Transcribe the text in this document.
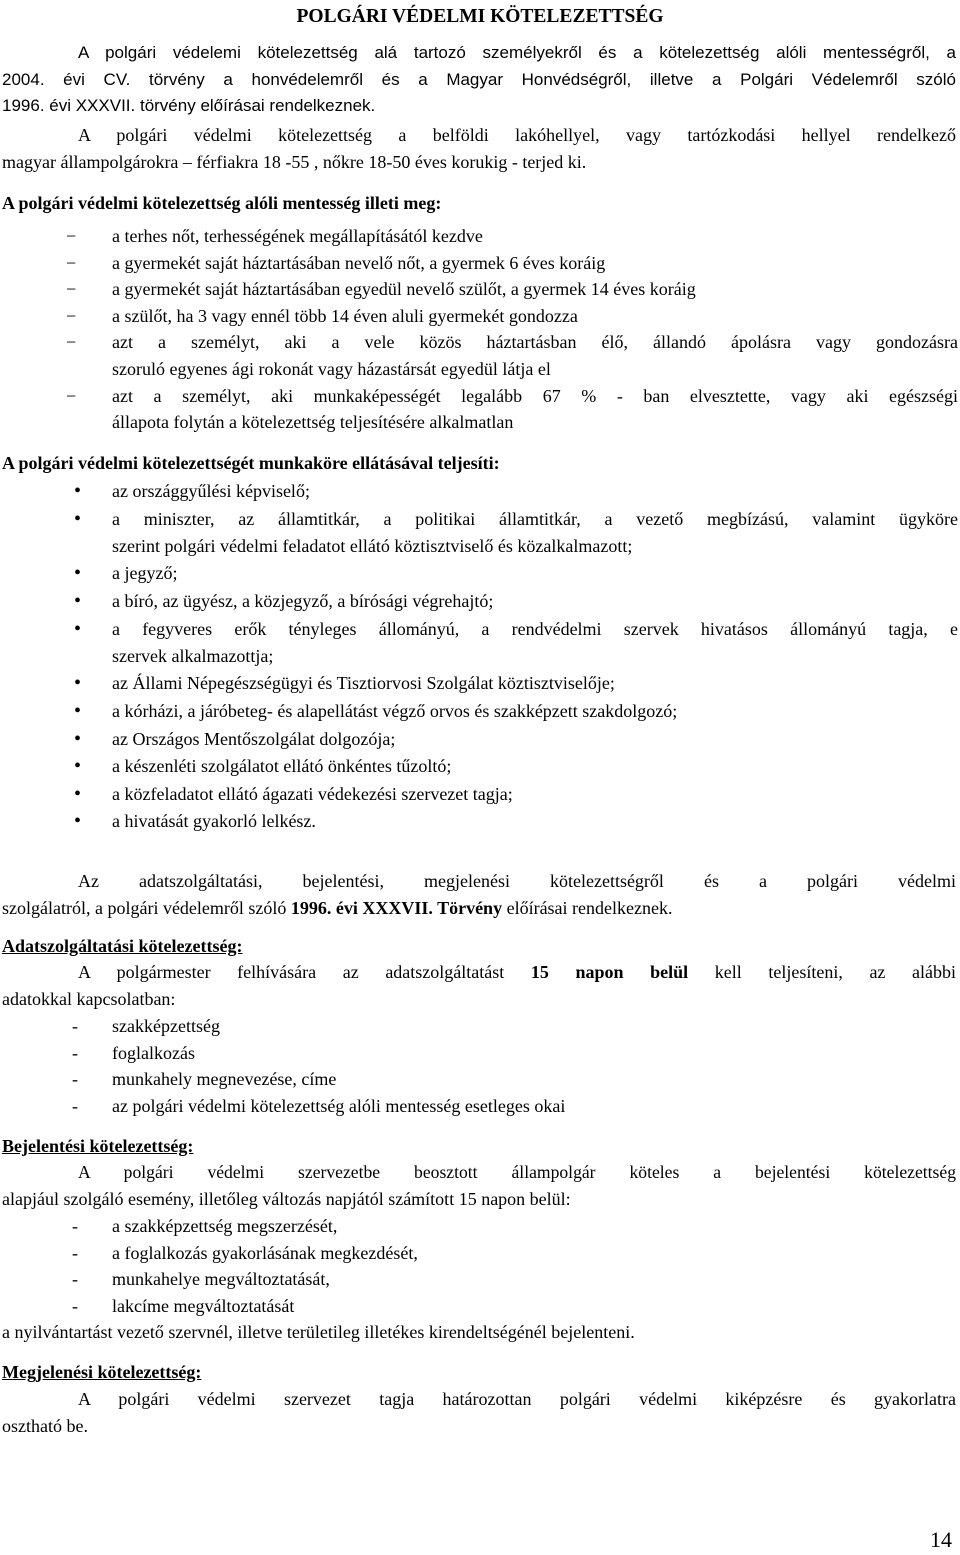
POLGÁRI VÉDELMI KÖTELEZETTSÉG
A polgári védelemi kötelezettség alá tartozó személyekről és a kötelezettség alóli mentességről, a
2004. évi CV. törvény a honvédelemről és a Magyar Honvédségről, illetve a Polgári Védelemről szóló
1996. évi XXXVII. törvény előírásai rendelkeznek.
A polgári védelmi kötelezettség a belföldi lakóhellyel, vagy tartózkodási hellyel rendelkező
magyar állampolgárokra – férfiakra 18 -55 , nőkre 18-50 éves korukig - terjed ki.
A polgári védelmi kötelezettség alóli mentesség illeti meg:
− a terhes nőt, terhességének megállapításától kezdve
− a gyermekét saját háztartásában nevelő nőt, a gyermek 6 éves koráig
− a gyermekét saját háztartásában egyedül nevelő szülőt, a gyermek 14 éves koráig
− a szülőt, ha 3 vagy ennél több 14 éven aluli gyermekét gondozza
− azt a személyt, aki a vele közös háztartásban élő, állandó ápolásra vagy gondozásra
szoruló egyenes ági rokonát vagy házastársát egyedül látja el
− azt a személyt, aki munkaképességét legalább 67 % - ban elvesztette, vagy aki egészségi
állapota folytán a kötelezettség teljesítésére alkalmatlan
A polgári védelmi kötelezettségét munkaköre ellátásával teljesíti:
• az országgyűlési képviselő;
• a miniszter, az államtitkár, a politikai államtitkár, a vezető megbízású, valamint ügyköre
szerint polgári védelmi feladatot ellátó köztisztviselő és közalkalmazott;
• a jegyző;
• a bíró, az ügyész, a közjegyző, a bírósági végrehajtó;
• a fegyveres erők tényleges állományú, a rendvédelmi szervek hivatásos állományú tagja, e
szervek alkalmazottja;
• az Állami Népegészségügyi és Tisztiorvosi Szolgálat köztisztviselője;
• a kórházi, a járóbeteg- és alapellátást végző orvos és szakképzett szakdolgozó;
• az Országos Mentőszolgálat dolgozója;
• a készenléti szolgálatot ellátó önkéntes tűzoltó;
• a közfeladatot ellátó ágazati védekezési szervezet tagja;
• a hivatását gyakorló lelkész.
Az adatszolgáltatási, bejelentési, megjelenési kötelezettségről és a polgári védelmi
szolgálatról, a polgári védelemről szóló 1996. évi XXXVII. Törvény előírásai rendelkeznek.
Adatszolgáltatási kötelezettség:
A polgármester felhívására az adatszolgáltatást 15 napon belül kell teljesíteni, az alábbi
adatokkal kapcsolatban:
- szakképzettség
- foglalkozás
- munkahely megnevezése, címe
- az polgári védelmi kötelezettség alóli mentesség esetleges okai
Bejelentési kötelezettség:
A polgári védelmi szervezetbe beosztott állampolgár köteles a bejelentési kötelezettség
alapjául szolgáló esemény, illetőleg változás napjától számított 15 napon belül:
- a szakképzettség megszerzését,
- a foglalkozás gyakorlásának megkezdését,
- munkahelye megváltoztatását,
- lakcíme megváltoztatását
a nyilvántartást vezető szervnél, illetve területileg illetékes kirendeltségénél bejelenteni.
Megjelenési kötelezettség:
A polgári védelmi szervezet tagja határozottan polgári védelmi kiképzésre és gyakorlatra
osztható be.
14
